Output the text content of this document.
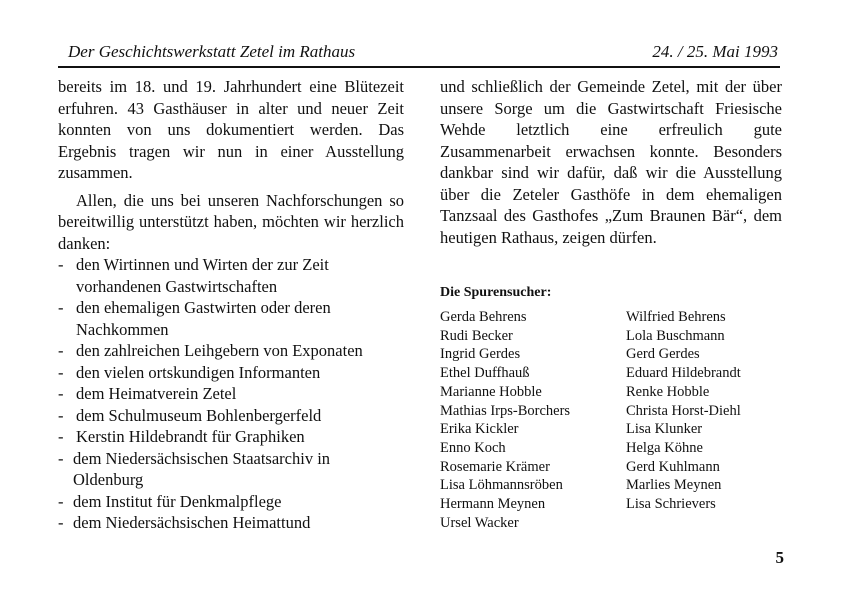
Der Geschichtswerkstatt Zetel im Rathaus	24. / 25. Mai 1993

bereits im 18. und 19. Jahrhundert eine Blütezeit erfuhren. 43 Gasthäuser in alter und neuer Zeit konnten von uns dokumentiert werden. Das Ergebnis tragen wir nun in einer Ausstellung zusammen.

Allen, die uns bei unseren Nachforschungen so bereitwillig unterstützt haben, möchten wir herzlich danken:

- den Wirtinnen und Wirten der zur Zeit vorhandenen Gastwirtschaften
- den ehemaligen Gastwirten oder deren Nachkommen
- den zahlreichen Leihgebern von Exponaten
- den vielen ortskundigen Informanten
- dem Heimatverein Zetel
- dem Schulmuseum Bohlenbergerfeld
- Kerstin Hildebrandt für Graphiken
- dem Niedersächsischen Staatsarchiv in Oldenburg
- dem Institut für Denkmalpflege
- dem Niedersächsischen Heimattund

und schließlich der Gemeinde Zetel, mit der über unsere Sorge um die Gastwirtschaft Friesische Wehde letztlich eine erfreulich gute Zusammenarbeit erwachsen konnte. Besonders dankbar sind wir dafür, daß wir die Ausstellung über die Zeteler Gasthöfe in dem ehemaligen Tanzsaal des Gasthofes „Zum Braunen Bär“, dem heutigen Rathaus, zeigen dürfen.

Die Spurensucher:
Gerda Behrens
Rudi Becker
Ingrid Gerdes
Ethel Duffhauß
Marianne Hobble
Mathias Irps-Borchers
Erika Kickler
Enno Koch
Rosemarie Krämer
Lisa Löhmannsröben
Hermann Meynen
Ursel Wacker
Wilfried Behrens
Lola Buschmann
Gerd Gerdes
Eduard Hildebrandt
Renke Hobble
Christa Horst-Diehl
Lisa Klunker
Helga Köhne
Gerd Kuhlmann
Marlies Meynen
Lisa Schrievers
5
